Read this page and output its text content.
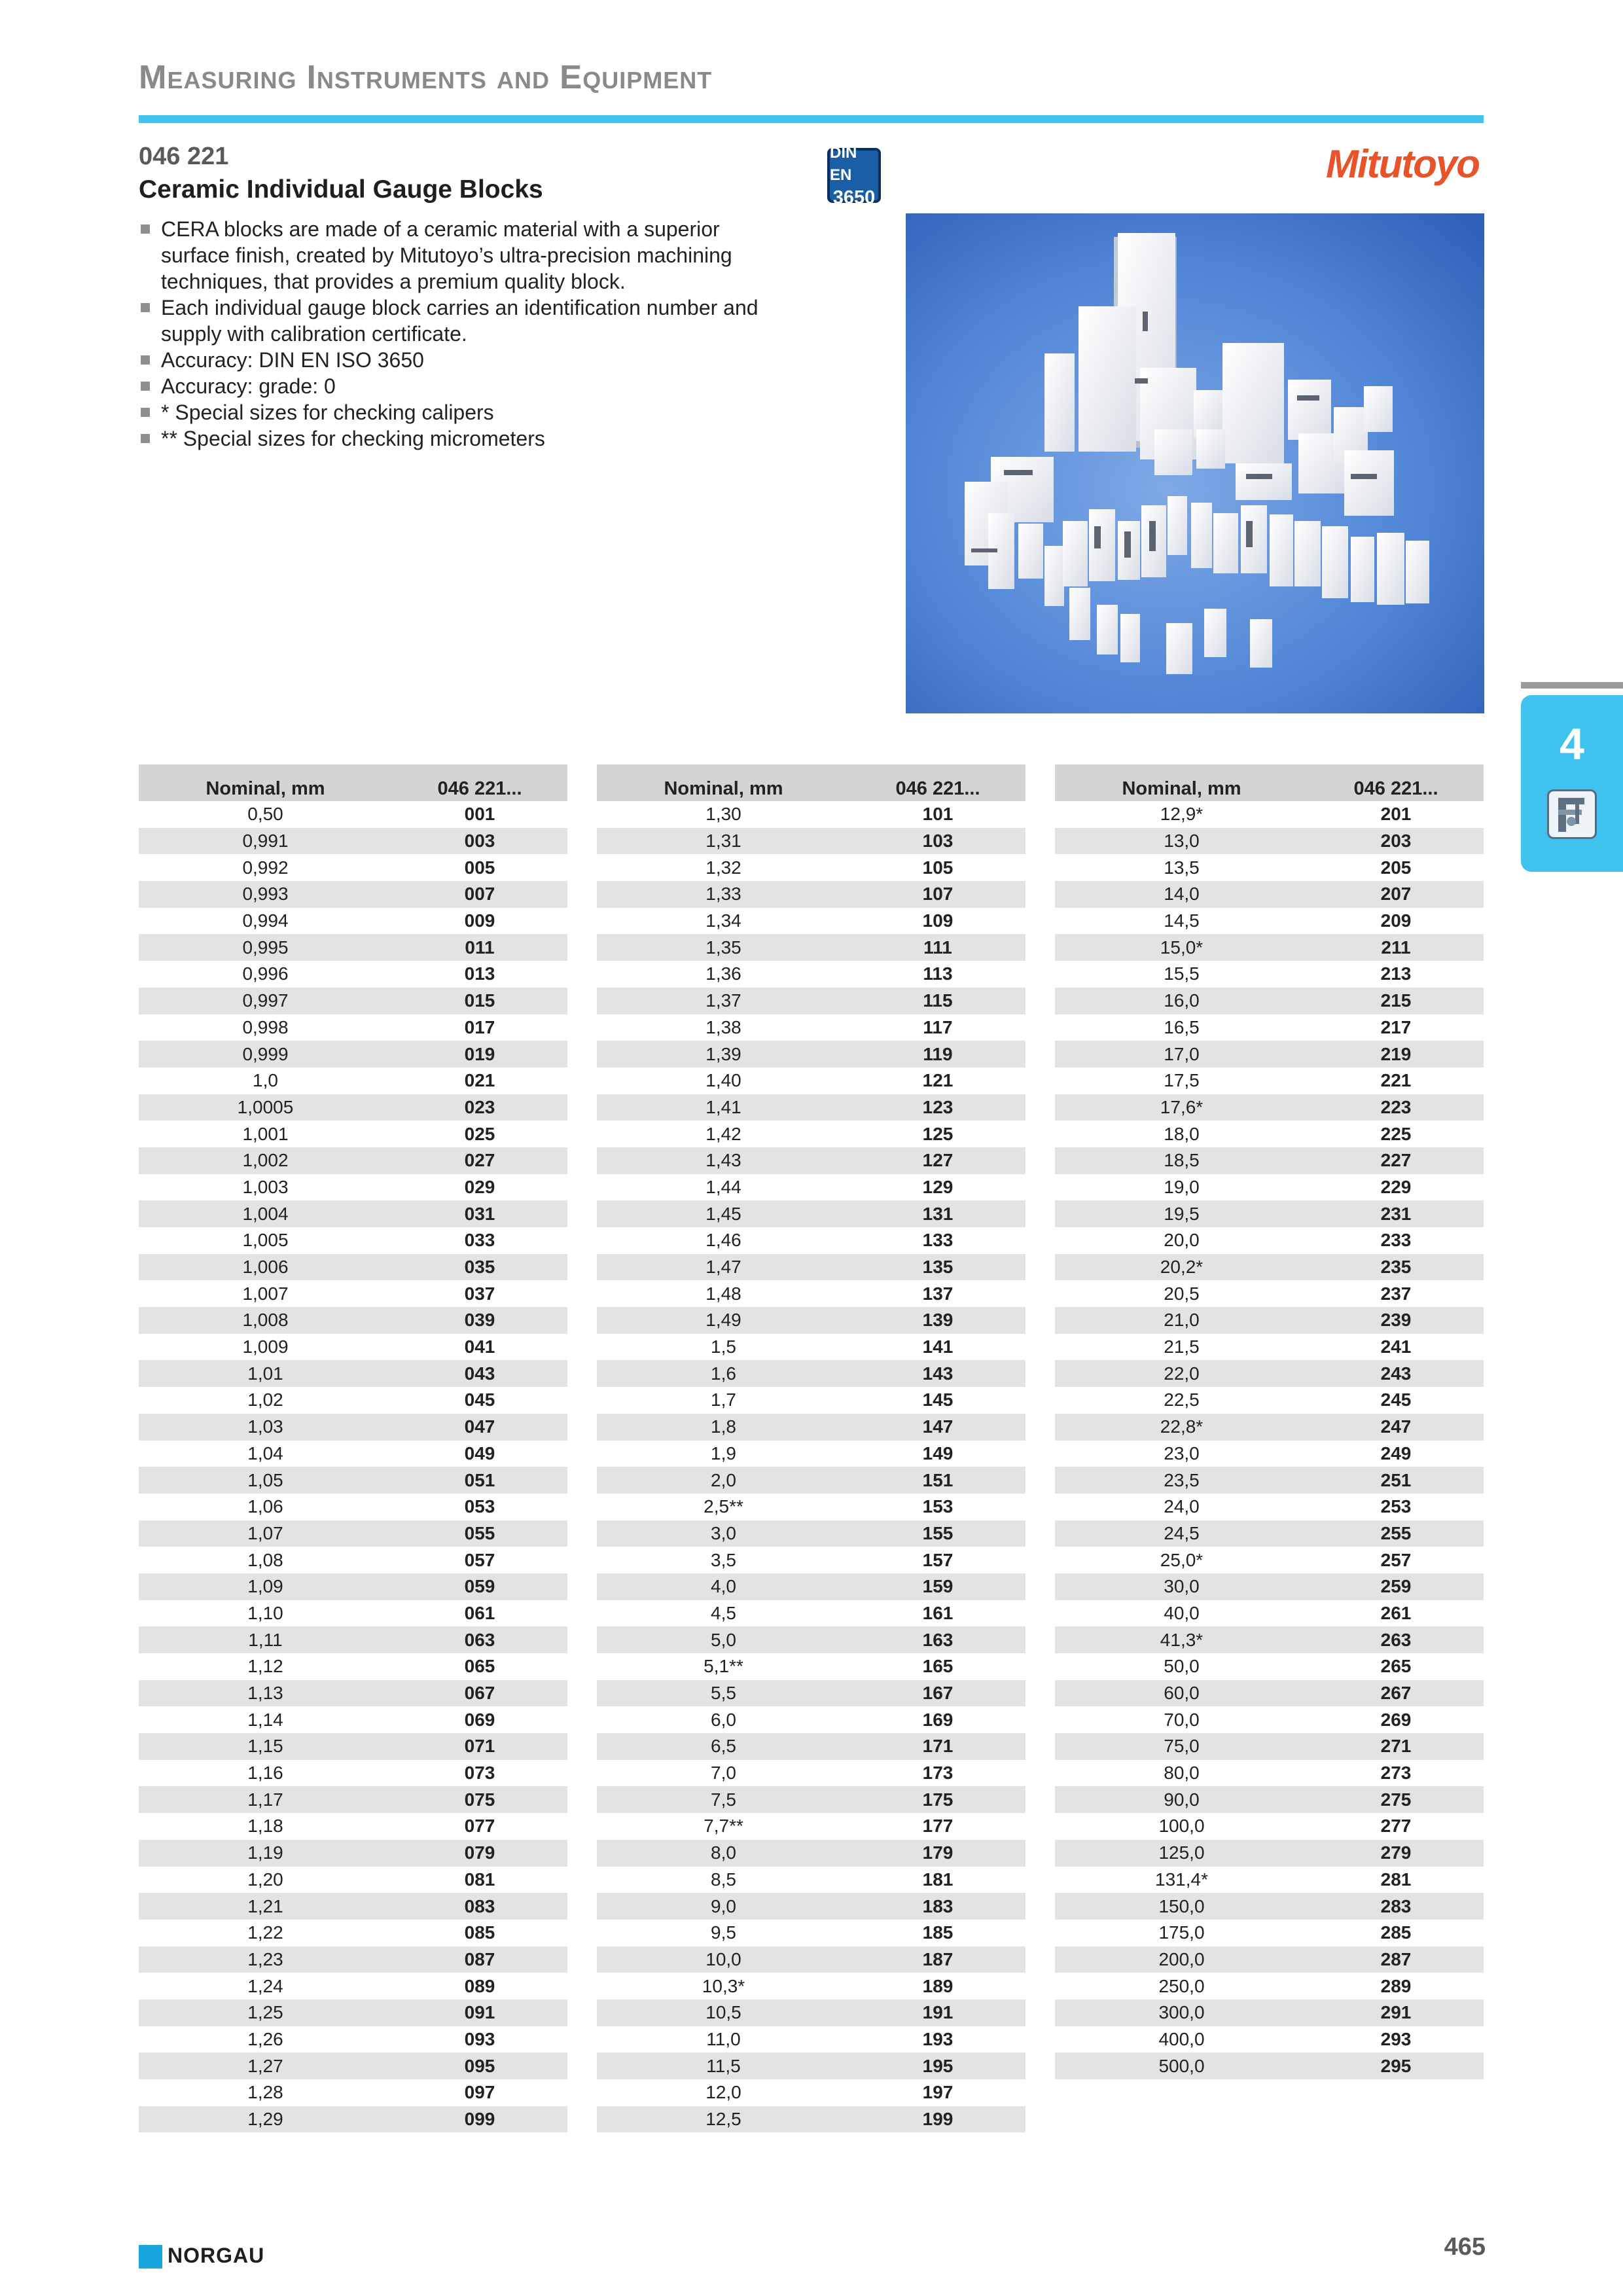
Measuring Instruments and Equipment
046 221
Ceramic Individual Gauge Blocks
DIN EN
3650
Mitutoyo
CERA blocks are made of a ceramic material with a superior surface finish, created by Mitutoyo’s ultra-precision machining techniques, that provides a premium quality block.
Each individual gauge block carries an identification number and supply with calibration certificate.
Accuracy: DIN EN ISO 3650
Accuracy: grade: 0
* Special sizes for checking calipers
** Special sizes for checking micrometers
4
Nominal, mm	046 221...
0,50	001
0,991	003
0,992	005
0,993	007
0,994	009
0,995	011
0,996	013
0,997	015
0,998	017
0,999	019
1,0	021
1,0005	023
1,001	025
1,002	027
1,003	029
1,004	031
1,005	033
1,006	035
1,007	037
1,008	039
1,009	041
1,01	043
1,02	045
1,03	047
1,04	049
1,05	051
1,06	053
1,07	055
1,08	057
1,09	059
1,10	061
1,11	063
1,12	065
1,13	067
1,14	069
1,15	071
1,16	073
1,17	075
1,18	077
1,19	079
1,20	081
1,21	083
1,22	085
1,23	087
1,24	089
1,25	091
1,26	093
1,27	095
1,28	097
1,29	099
Nominal, mm	046 221...
1,30	101
1,31	103
1,32	105
1,33	107
1,34	109
1,35	111
1,36	113
1,37	115
1,38	117
1,39	119
1,40	121
1,41	123
1,42	125
1,43	127
1,44	129
1,45	131
1,46	133
1,47	135
1,48	137
1,49	139
1,5	141
1,6	143
1,7	145
1,8	147
1,9	149
2,0	151
2,5**	153
3,0	155
3,5	157
4,0	159
4,5	161
5,0	163
5,1**	165
5,5	167
6,0	169
6,5	171
7,0	173
7,5	175
7,7**	177
8,0	179
8,5	181
9,0	183
9,5	185
10,0	187
10,3*	189
10,5	191
11,0	193
11,5	195
12,0	197
12,5	199
Nominal, mm	046 221...
12,9*	201
13,0	203
13,5	205
14,0	207
14,5	209
15,0*	211
15,5	213
16,0	215
16,5	217
17,0	219
17,5	221
17,6*	223
18,0	225
18,5	227
19,0	229
19,5	231
20,0	233
20,2*	235
20,5	237
21,0	239
21,5	241
22,0	243
22,5	245
22,8*	247
23,0	249
23,5	251
24,0	253
24,5	255
25,0*	257
30,0	259
40,0	261
41,3*	263
50,0	265
60,0	267
70,0	269
75,0	271
80,0	273
90,0	275
100,0	277
125,0	279
131,4*	281
150,0	283
175,0	285
200,0	287
250,0	289
300,0	291
400,0	293
500,0	295
NORGAU	465
